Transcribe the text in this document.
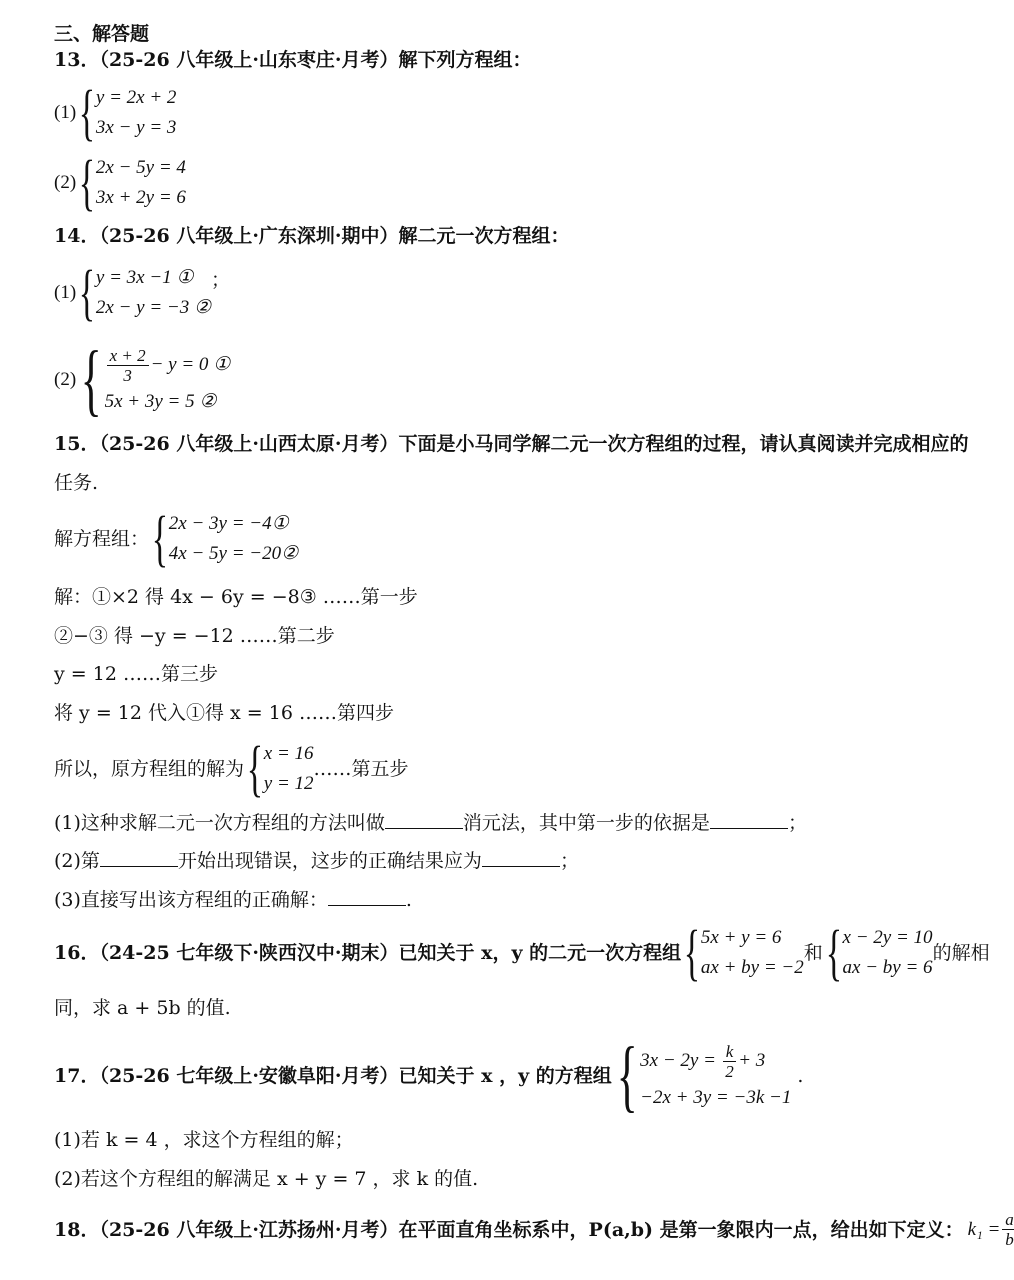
三、解答题
13．（25-26 八年级上·山东枣庄·月考）解下列方程组：
(1) { y = 2x + 2
3x − y = 3
(2) { 2x − 5y = 4
3x + 2y = 6
14．（25-26 八年级上·广东深圳·期中）解二元一次方程组：
(1) { y = 3x −1 ①
2x − y = −3 ②
；
(2) { $\frac{x + 2}{3} - y = 0$ ①
5x + 3y = 5 ②
15．（25-26 八年级上·山西太原·月考）下面是小马同学解二元一次方程组的过程，请认真阅读并完成相应的
任务.
解方程组： { 2x − 3y = −4①
4x − 5y = −20②
解：①×2 得 4x − 6y = −8③ ……第一步
②−③ 得 −y = −12 ……第二步
y = 12 ……第三步
将 y = 12 代入①得 x = 16 ……第四步
所以，原方程组的解为 { x = 16
y = 12
……第五步
(1)这种求解二元一次方程组的方法叫做	消元法，其中第一步的依据是	；
(2)第	开始出现错误，这步的正确结果应为	；
(3)直接写出该方程组的正确解：	.
16．（24-25 七年级下·陕西汉中·期末）已知关于 x，y 的二元一次方程组 { 5x + y = 6
ax + by = −2
和 { x − 2y = 10
ax − by = 6
的解相
同，求 a + 5b 的值.
17．（25-26 七年级上·安徽阜阳·月考）已知关于 x ，y 的方程组 { $3x - 2y = \frac{k}{2} + 3$
−2x + 3y = −3k −1
.
(1)若 k = 4 ，求这个方程组的解；
(2)若这个方程组的解满足 x + y = 7 ，求 k 的值.
18．（25-26 八年级上·江苏扬州·月考）在平面直角坐标系中，P(a,b) 是第一象限内一点，给出如下定义： $k_1 = \frac{a}{b}$
